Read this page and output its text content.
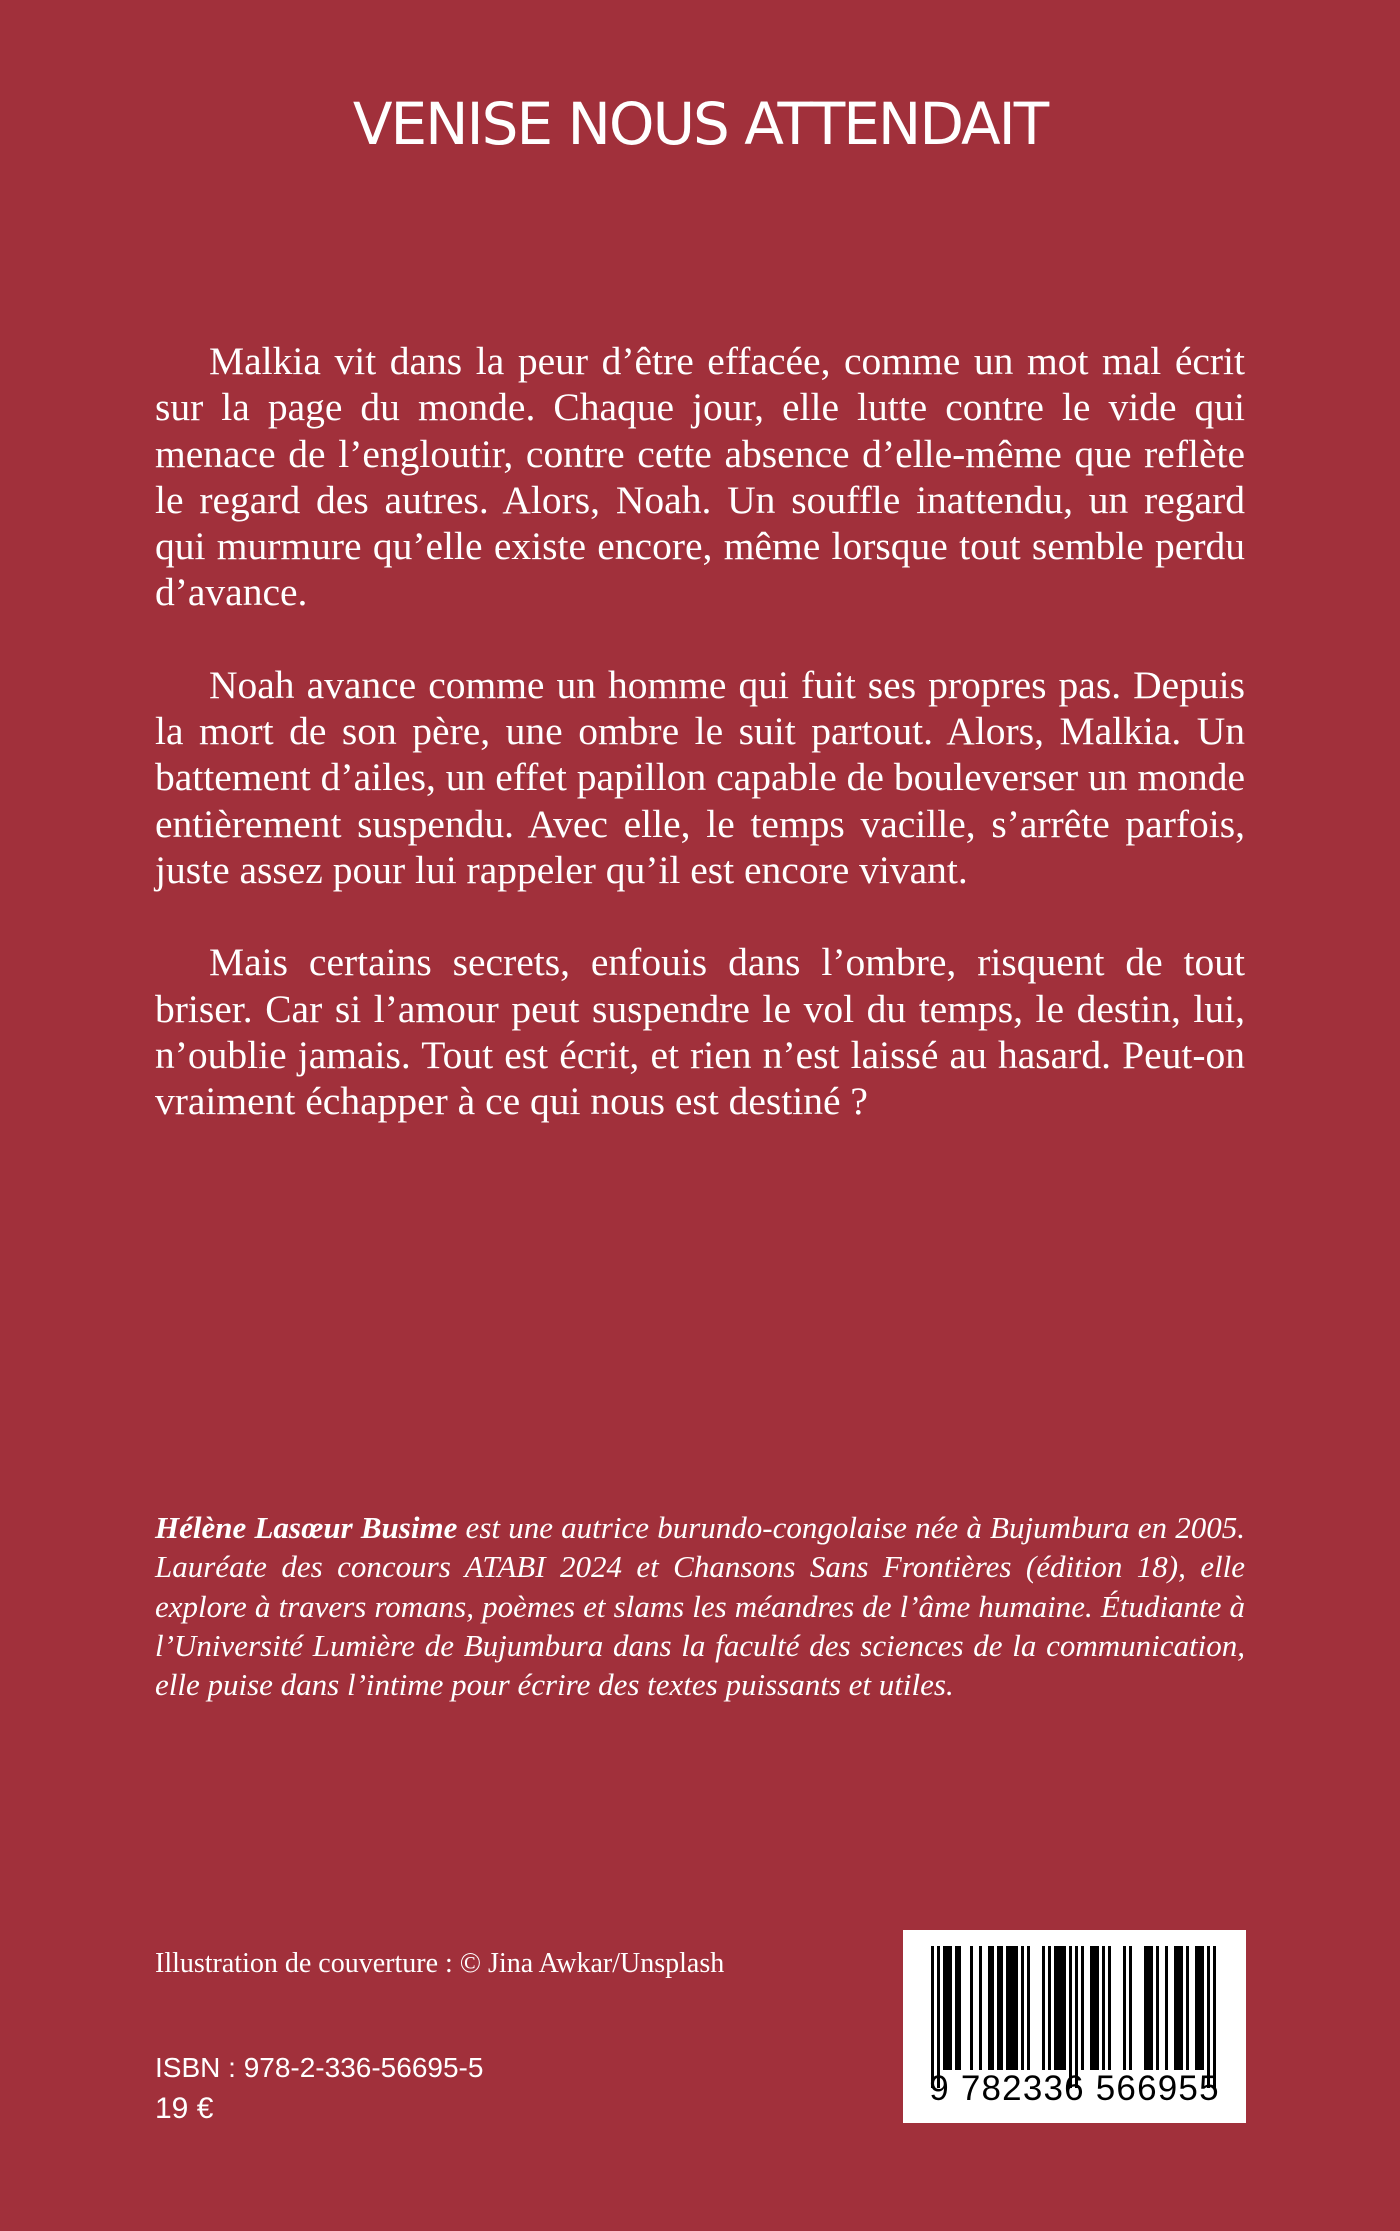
VENISE NOUS ATTENDAIT

Malkia vit dans la peur d’être effacée, comme un mot mal écrit sur la page du monde. Chaque jour, elle lutte contre le vide qui menace de l’engloutir, contre cette absence d’elle-même que reflète le regard des autres. Alors, Noah. Un souffle inattendu, un regard qui murmure qu’elle existe encore, même lorsque tout semble perdu d’avance.

Noah avance comme un homme qui fuit ses propres pas. Depuis la mort de son père, une ombre le suit partout. Alors, Malkia. Un battement d’ailes, un effet papillon capable de bouleverser un monde entièrement suspendu. Avec elle, le temps vacille, s’arrête parfois, juste assez pour lui rappeler qu’il est encore vivant.

Mais certains secrets, enfouis dans l’ombre, risquent de tout briser. Car si l’amour peut suspendre le vol du temps, le destin, lui, n’oublie jamais. Tout est écrit, et rien n’est laissé au hasard. Peut-on vraiment échapper à ce qui nous est destiné ?

Hélène Lasœur Busime est une autrice burundo-congolaise née à Bujumbura en 2005. Lauréate des concours ATABI 2024 et Chansons Sans Frontières (édition 18), elle explore à travers romans, poèmes et slams les méandres de l’âme humaine. Étudiante à l’Université Lumière de Bujumbura dans la faculté des sciences de la communication, elle puise dans l’intime pour écrire des textes puissants et utiles.

Illustration de couverture : © Jina Awkar/Unsplash
ISBN : 978-2-336-56695-5
19 €
9 782336 566955
